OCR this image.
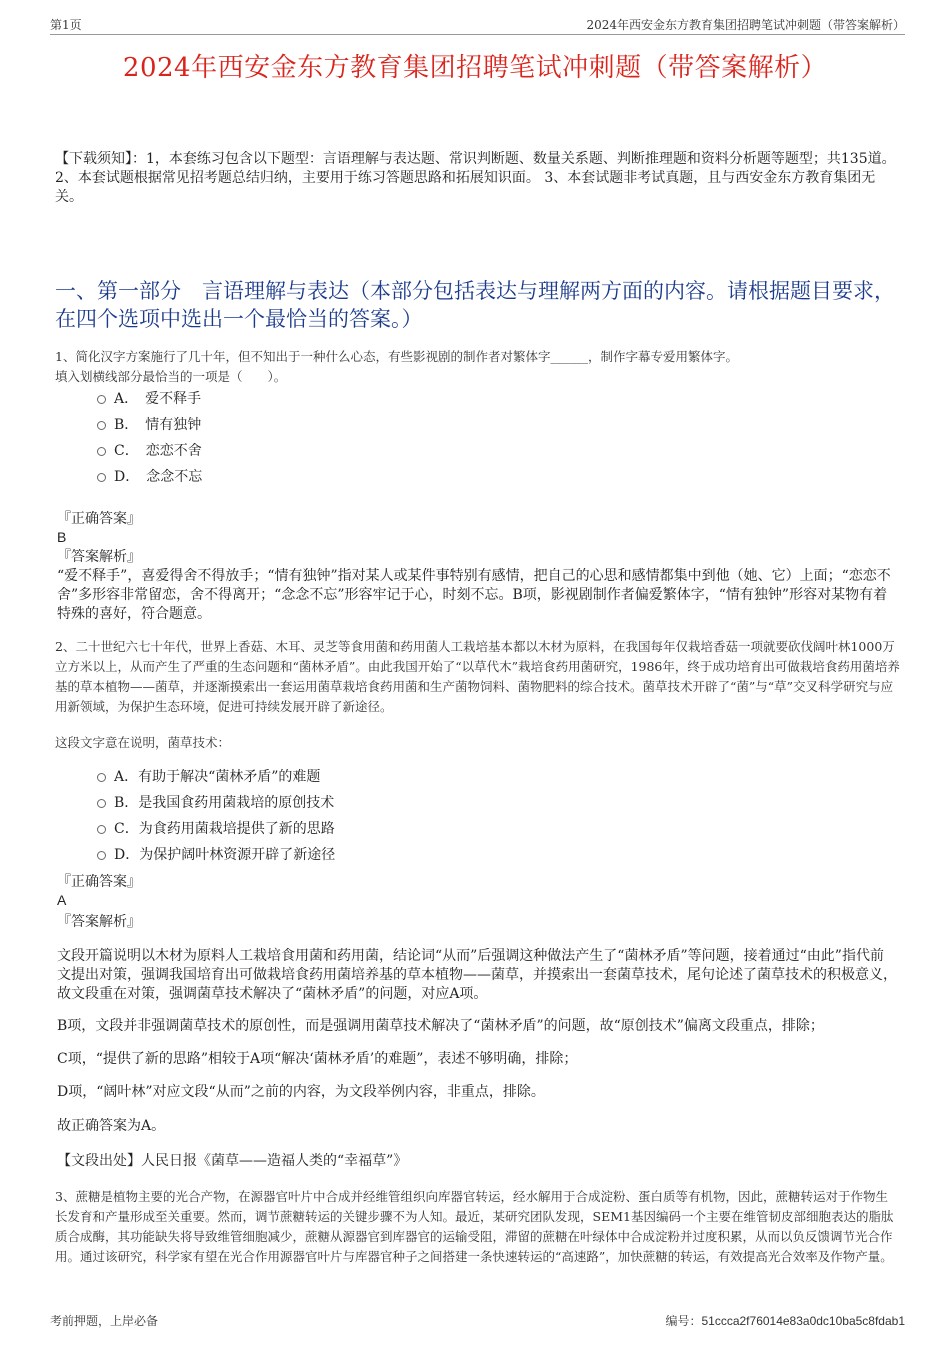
第1页	2024年西安金东方教育集团招聘笔试冲刺题（带答案解析）
2024年西安金东方教育集团招聘笔试冲刺题（带答案解析）
【下载须知】：1，本套练习包含以下题型：言语理解与表达题、常识判断题、数量关系题、判断推理题和资料分析题等题型；共135道。 2、本套试题根据常见招考题总结归纳，主要用于练习答题思路和拓展知识面。 3、本套试题非考试真题，且与西安金东方教育集团无关。
一、第一部分　言语理解与表达（本部分包括表达与理解两方面的内容。请根据题目要求，在四个选项中选出一个最恰当的答案。）
1、简化汉字方案施行了几十年，但不知出于一种什么心态，有些影视剧的制作者对繁体字______，制作字幕专爱用繁体字。
填入划横线部分最恰当的一项是（　　）。
A．　爱不释手
B．　情有独钟
C．　恋恋不舍
D．　念念不忘
『正确答案』
B
『答案解析』
“爱不释手”，喜爱得舍不得放手；“情有独钟”指对某人或某件事特别有感情，把自己的心思和感情都集中到他（她、它）上面；“恋恋不舍”多形容非常留恋，舍不得离开；“念念不忘”形容牢记于心，时刻不忘。B项，影视剧制作者偏爱繁体字，“情有独钟”形容对某物有着特殊的喜好，符合题意。
2、二十世纪六七十年代，世界上香菇、木耳、灵芝等食用菌和药用菌人工栽培基本都以木材为原料，在我国每年仅栽培香菇一项就要砍伐阔叶林1000万立方米以上，从而产生了严重的生态问题和“菌林矛盾”。由此我国开始了“以草代木”栽培食药用菌研究，1986年，终于成功培育出可做栽培食药用菌培养基的草本植物——菌草，并逐渐摸索出一套运用菌草栽培食药用菌和生产菌物饲料、菌物肥料的综合技术。菌草技术开辟了“菌”与“草”交叉科学研究与应用新领域，为保护生态环境，促进可持续发展开辟了新途径。
这段文字意在说明，菌草技术：
A．有助于解决“菌林矛盾”的难题
B．是我国食药用菌栽培的原创技术
C．为食药用菌栽培提供了新的思路
D．为保护阔叶林资源开辟了新途径
『正确答案』
A
『答案解析』
文段开篇说明以木材为原料人工栽培食用菌和药用菌，结论词“从而”后强调这种做法产生了“菌林矛盾”等问题，接着通过“由此”指代前文提出对策，强调我国培育出可做栽培食药用菌培养基的草本植物——菌草，并摸索出一套菌草技术，尾句论述了菌草技术的积极意义，故文段重在对策，强调菌草技术解决了“菌林矛盾”的问题，对应A项。
B项，文段并非强调菌草技术的原创性，而是强调用菌草技术解决了“菌林矛盾”的问题，故“原创技术”偏离文段重点，排除；
C项，“提供了新的思路”相较于A项“解决‘菌林矛盾’的难题”，表述不够明确，排除；
D项，“阔叶林”对应文段“从而”之前的内容，为文段举例内容，非重点，排除。
故正确答案为A。
【文段出处】人民日报《菌草——造福人类的“幸福草”》
3、蔗糖是植物主要的光合产物，在源器官叶片中合成并经维管组织向库器官转运，经水解用于合成淀粉、蛋白质等有机物，因此，蔗糖转运对于作物生长发育和产量形成至关重要。然而，调节蔗糖转运的关键步骤不为人知。最近，某研究团队发现，SEM1基因编码一个主要在维管韧皮部细胞表达的脂肽质合成酶，其功能缺失将导致维管细胞减少，蔗糖从源器官到库器官的运输受阻，滞留的蔗糖在叶绿体中合成淀粉并过度积累，从而以负反馈调节光合作用。通过该研究，科学家有望在光合作用源器官叶片与库器官种子之间搭建一条快速转运的“高速路”，加快蔗糖的转运，有效提高光合效率及作物产量。
考前押题，上岸必备	编号：51ccca2f76014e83a0dc10ba5c8fdab1
